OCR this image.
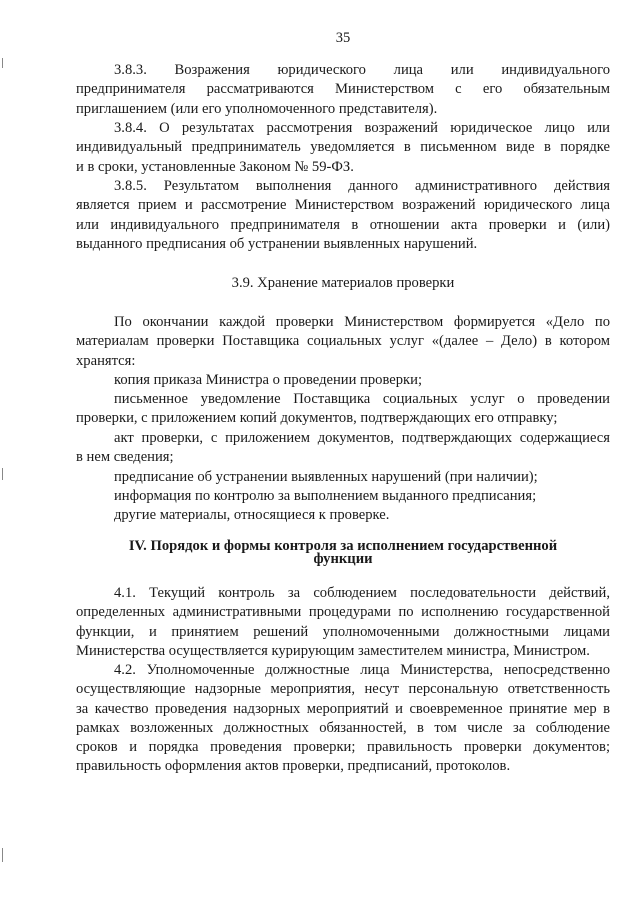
35
3.8.3. Возражения юридического лица или индивидуального
предпринимателя рассматриваются Министерством с его обязательным
приглашением (или его уполномоченного представителя).
3.8.4. О результатах рассмотрения возражений юридическое лицо или
индивидуальный предприниматель уведомляется в письменном виде в порядке
и в сроки, установленные Законом № 59-ФЗ.
3.8.5. Результатом выполнения данного административного действия
является прием и рассмотрение Министерством возражений юридического лица
или индивидуального предпринимателя в отношении акта проверки и (или)
выданного предписания об устранении выявленных нарушений.
3.9. Хранение материалов проверки
По окончании каждой проверки Министерством формируется «Дело по
материалам проверки Поставщика социальных услуг «(далее – Дело) в котором
хранятся:
копия приказа Министра о проведении проверки;
письменное уведомление Поставщика социальных услуг о проведении
проверки, с приложением копий документов, подтверждающих его отправку;
акт проверки, с приложением документов, подтверждающих содержащиеся
в нем сведения;
предписание об устранении выявленных нарушений (при наличии);
информация по контролю за выполнением выданного предписания;
другие материалы, относящиеся к проверке.
IV. Порядок и формы контроля за исполнением государственной
функции
4.1. Текущий контроль за соблюдением последовательности действий,
определенных административными процедурами по исполнению государственной
функции, и принятием решений уполномоченными должностными лицами
Министерства осуществляется курирующим заместителем министра, Министром.
4.2. Уполномоченные должностные лица Министерства, непосредственно
осуществляющие надзорные мероприятия, несут персональную ответственность
за качество проведения надзорных мероприятий и своевременное принятие мер в
рамках возложенных должностных обязанностей, в том числе за соблюдение
сроков и порядка проведения проверки; правильность проверки документов;
правильность оформления актов проверки, предписаний, протоколов.
